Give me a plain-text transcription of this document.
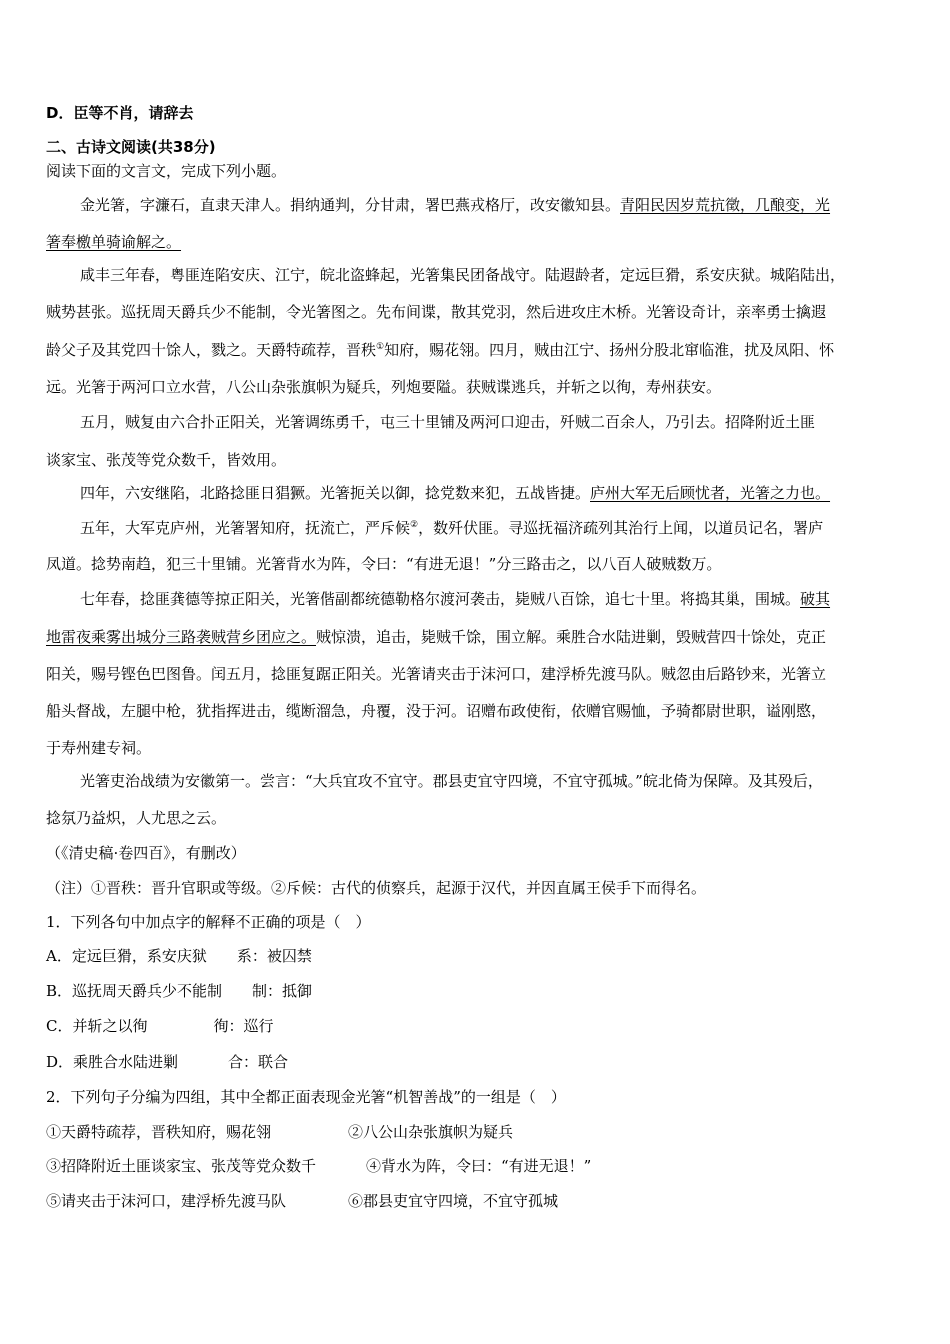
D．臣等不肖，请辞去
二、古诗文阅读(共38分)
阅读下面的文言文，完成下列小题。
金光箸，字濂石，直隶天津人。捐纳通判，分甘肃，署巴燕戎格厅，改安徽知县。青阳民因岁荒抗徵，几酿变，光
箸奉檄单骑谕解之。
咸丰三年春，粤匪连陷安庆、江宁，皖北盗蜂起，光箸集民团备战守。陆遐龄者，定远巨猾，系安庆狱。城陷陆出，
贼势甚张。巡抚周天爵兵少不能制，令光箸图之。先布间谍，散其党羽，然后进攻庄木桥。光箸设奇计，亲率勇士擒遐
龄父子及其党四十馀人，戮之。天爵特疏荐，晋秩①知府，赐花翎。四月，贼由江宁、扬州分股北窜临淮，扰及凤阳、怀
远。光箸于两河口立水营，八公山杂张旗帜为疑兵，列炮要隘。获贼谍逃兵，并斩之以徇，寿州获安。
五月，贼复由六合扑正阳关，光箸调练勇千，屯三十里铺及两河口迎击，歼贼二百余人，乃引去。招降附近土匪
谈家宝、张茂等党众数千，皆效用。
四年，六安继陷，北路捻匪日猖獗。光箸扼关以御，捻党数来犯，五战皆捷。庐州大军无后顾忧者，光箸之力也。
五年，大军克庐州，光箸署知府，抚流亡，严斥候②，数歼伏匪。寻巡抚福济疏列其治行上闻，以道员记名，署庐
凤道。捻势南趋，犯三十里铺。光箸背水为阵，令曰：“有进无退！”分三路击之，以八百人破贼数万。
七年春，捻匪龚德等掠正阳关，光箸偕副都统德勒格尔渡河袭击，毙贼八百馀，追七十里。将捣其巢，围城。破其
地雷夜乘雾出城分三路袭贼营乡团应之。贼惊溃，追击，毙贼千馀，围立解。乘胜合水陆进剿，毁贼营四十馀处，克正
阳关，赐号铿色巴图鲁。闰五月，捻匪复踞正阳关。光箸请夹击于沫河口，建浮桥先渡马队。贼忽由后路钞来，光箸立
船头督战，左腿中枪，犹指挥进击，缆断溜急，舟覆，没于河。诏赠布政使衔，依赠官赐恤，予骑都尉世职，谥刚愍，
于寿州建专祠。
光箸吏治战绩为安徽第一。尝言：“大兵宜攻不宜守。郡县吏宜守四境，不宜守孤城。”皖北倚为保障。及其殁后，
捻氛乃益炽，人尤思之云。
（《清史稿·卷四百》，有删改）
（注）①晋秩：晋升官职或等级。②斥候：古代的侦察兵，起源于汉代，并因直属王侯手下而得名。
1．下列各句中加点字的解释不正确的项是（　）
A．定远巨猾，系安庆狱 系：被囚禁
B．巡抚周天爵兵少不能制 制：抵御
C．并斩之以徇	徇：巡行
D．乘胜合水陆进剿	合：联合
2．下列句子分编为四组，其中全都正面表现金光箸“机智善战”的一组是（　）
①天爵特疏荐，晋秩知府，赐花翎	②八公山杂张旗帜为疑兵
③招降附近土匪谈家宝、张茂等党众数千	④背水为阵，令曰：“有进无退！”
⑤请夹击于沫河口，建浮桥先渡马队	⑥郡县吏宜守四境，不宜守孤城
